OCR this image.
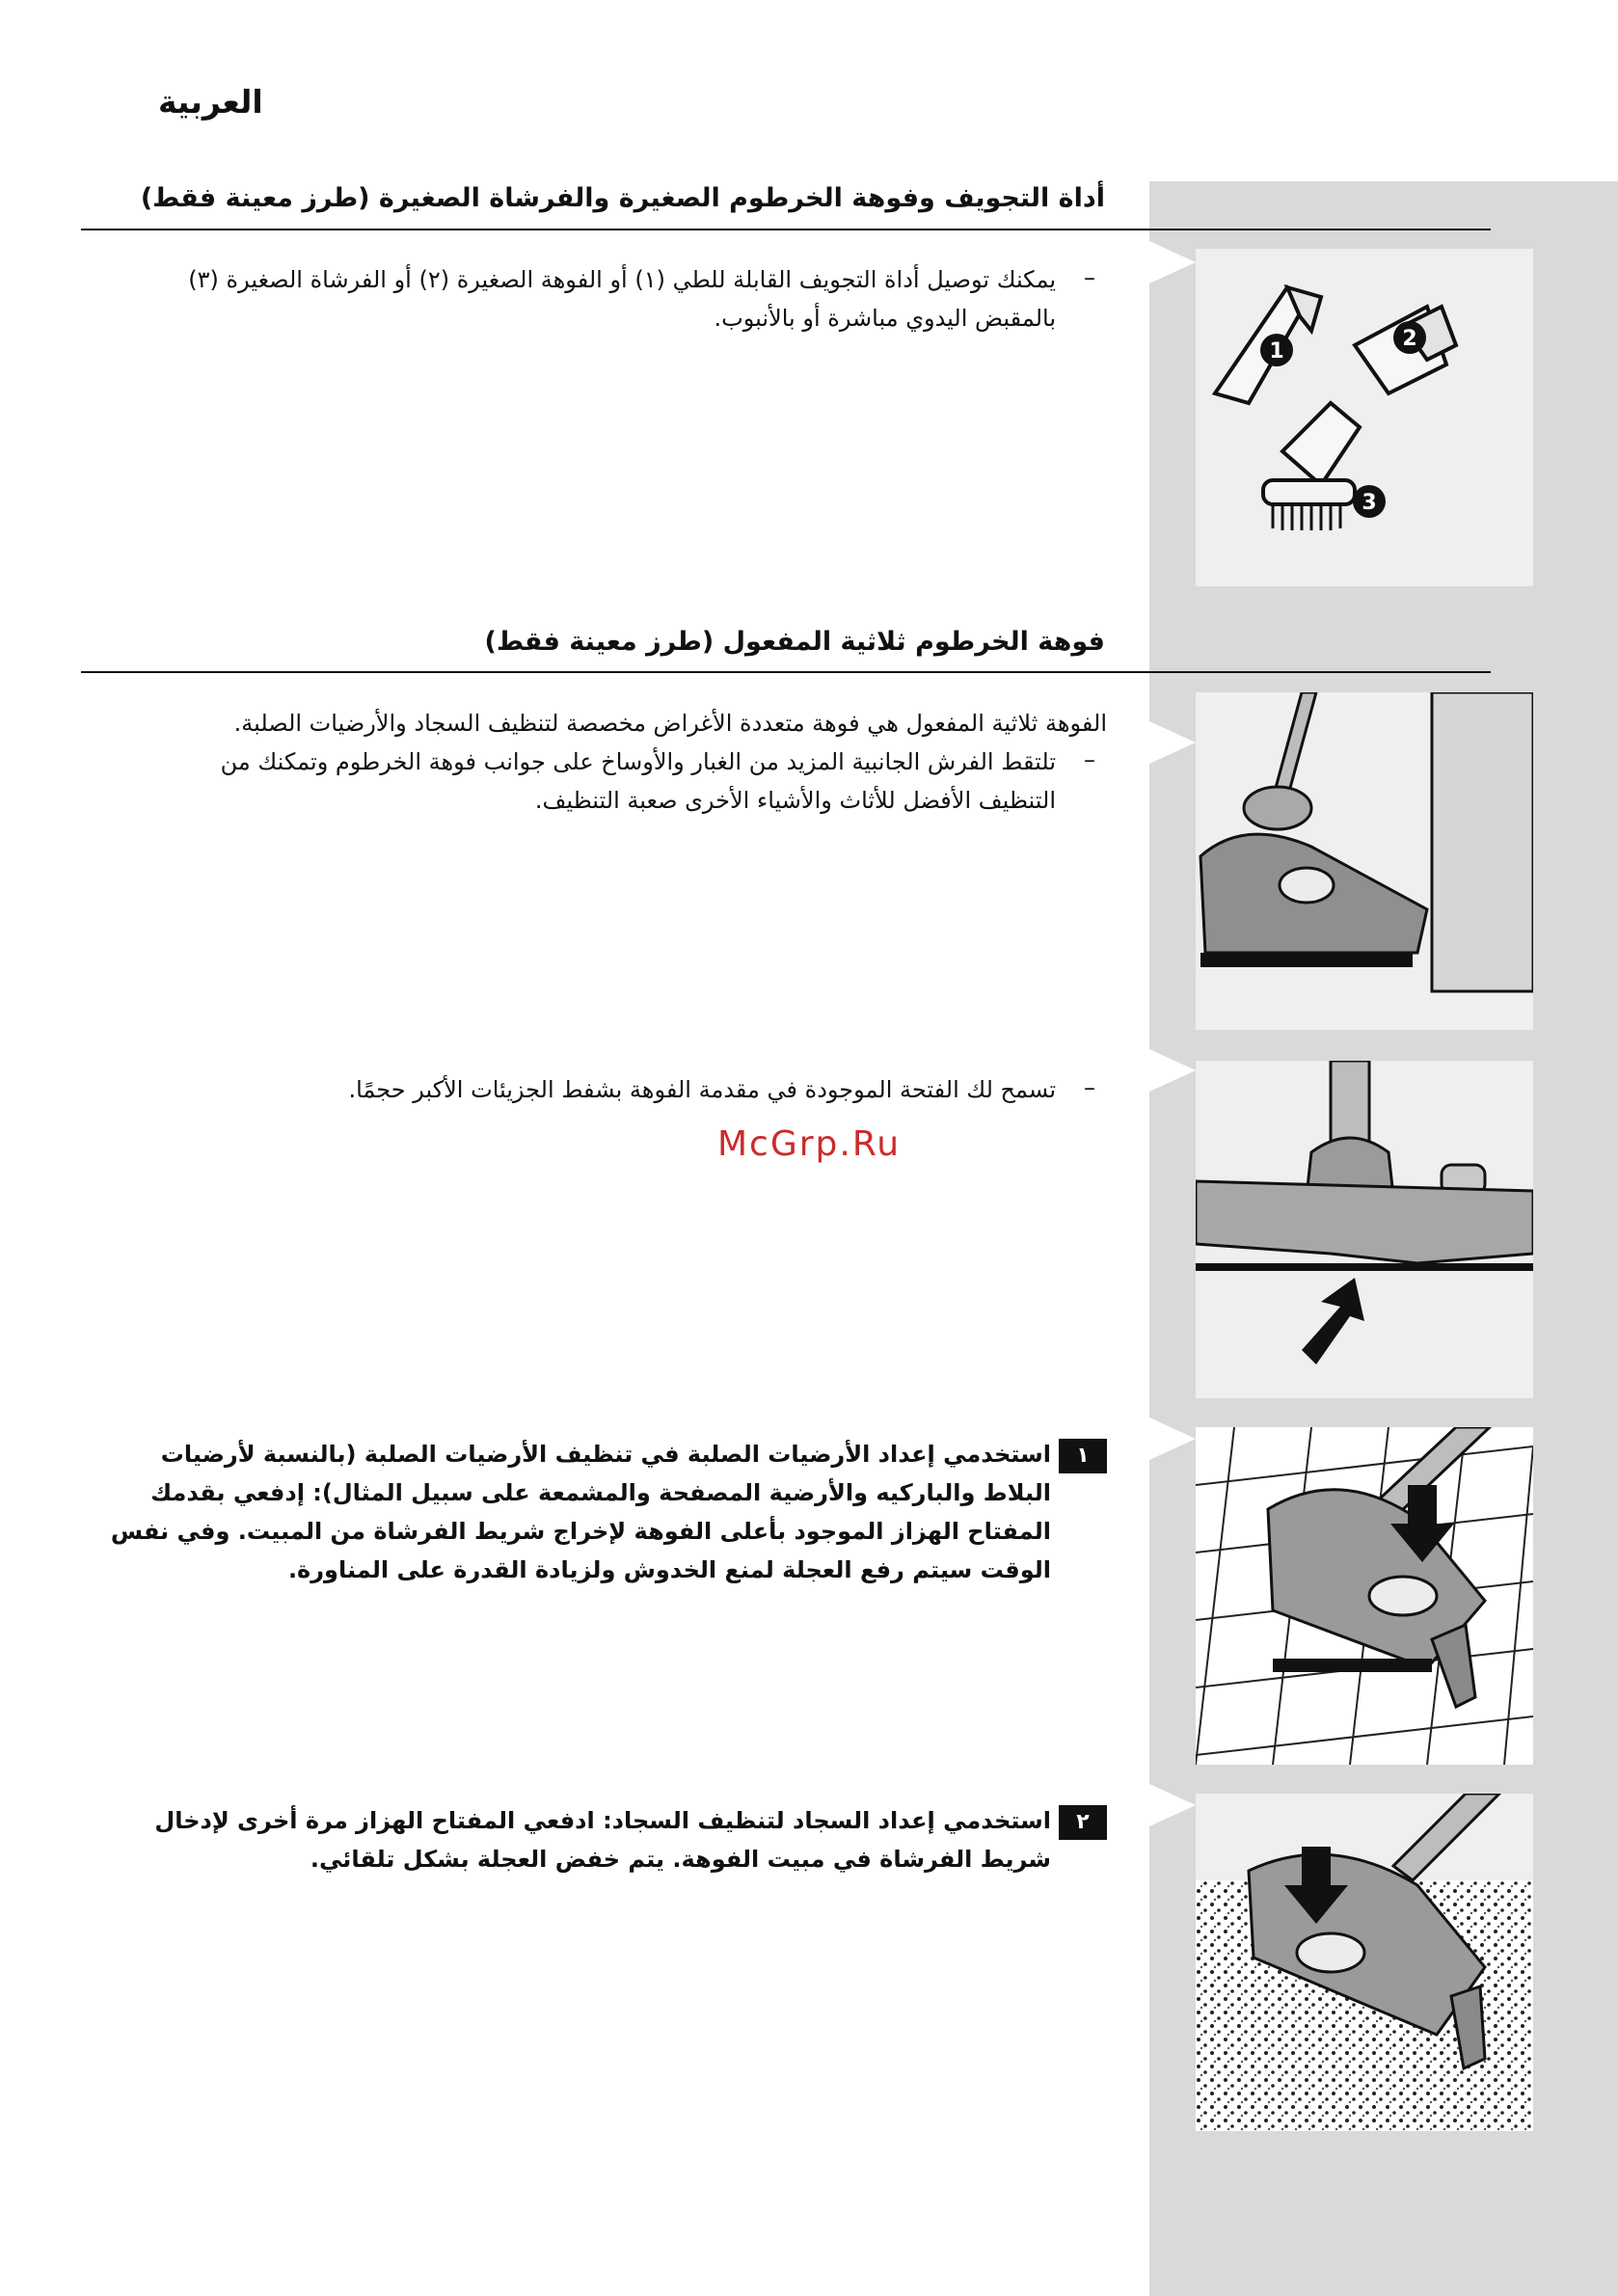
العربية
أداة التجويف وفوهة الخرطوم الصغيرة والفرشاة الصغيرة (طرز معينة فقط)
–
يمكنك توصيل أداة التجويف القابلة للطي (١) أو الفوهة الصغيرة (٢) أو الفرشاة الصغيرة (٣) بالمقبض اليدوي مباشرة أو بالأنبوب.
1
2
3
فوهة الخرطوم ثلاثية المفعول (طرز معينة فقط)
الفوهة ثلاثية المفعول هي فوهة متعددة الأغراض مخصصة لتنظيف السجاد والأرضيات الصلبة.
–
تلتقط الفرش الجانبية المزيد من الغبار والأوساخ على جوانب فوهة الخرطوم وتمكنك من التنظيف الأفضل للأثاث والأشياء الأخرى صعبة التنظيف.
–
تسمح لك الفتحة الموجودة في مقدمة الفوهة بشفط الجزيئات الأكبر حجمًا.
McGrp.Ru
١
استخدمي إعداد الأرضيات الصلبة في تنظيف الأرضيات الصلبة (بالنسبة لأرضيات البلاط والباركيه والأرضية المصفحة والمشمعة على سبيل المثال): إدفعي بقدمك المفتاح الهزاز الموجود بأعلى الفوهة لإخراج شريط الفرشاة من المبيت. وفي نفس الوقت سيتم رفع العجلة لمنع الخدوش ولزيادة القدرة على المناورة.
٢
استخدمي إعداد السجاد لتنظيف السجاد: ادفعي المفتاح الهزاز مرة أخرى لإدخال شريط الفرشاة في مبيت الفوهة. يتم خفض العجلة بشكل تلقائي.
